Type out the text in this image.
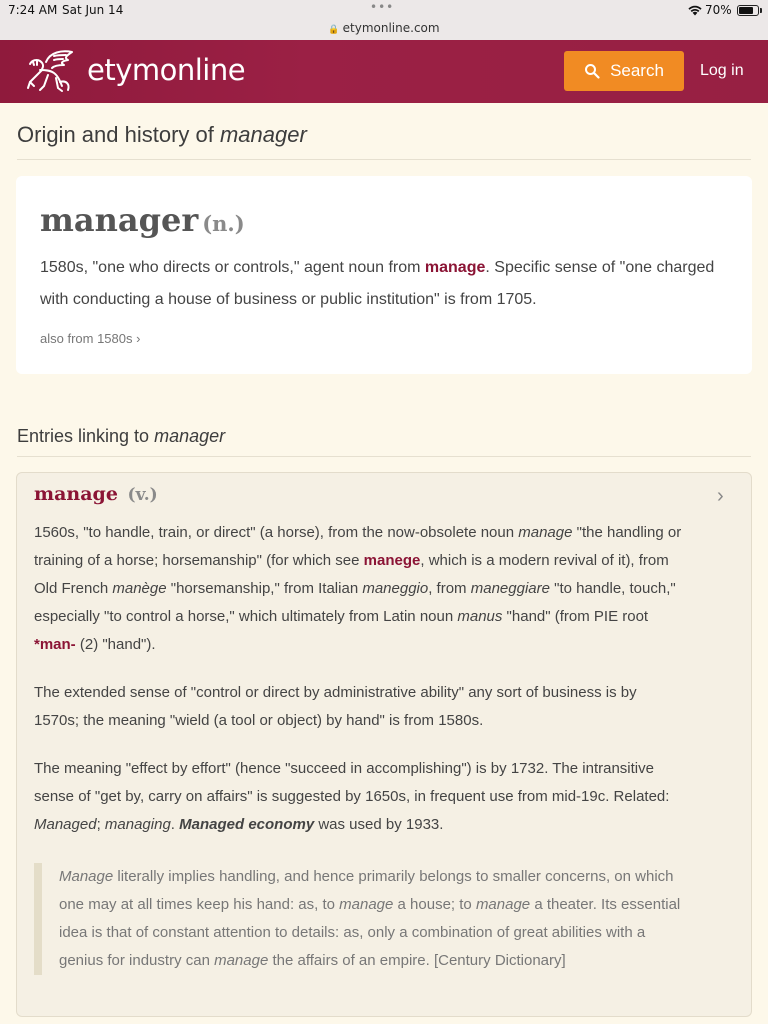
7:24 AM Sat Jun 14	•••
🔒 etymonline.com
70%
etymonline	Search Log in
Origin and history of manager
manager (n.)

1580s, "one who directs or controls," agent noun from manage. Specific sense of "one charged with conducting a house of business or public institution" is from 1705.

also from 1580s ›
Entries linking to manager
manage (v.)	›

1560s, "to handle, train, or direct" (a horse), from the now-obsolete noun manage "the handling or training of a horse; horsemanship" (for which see manege, which is a modern revival of it), from Old French manège "horsemanship," from Italian maneggio, from maneggiare "to handle, touch," especially "to control a horse," which ultimately from Latin noun manus "hand" (from PIE root *man- (2) "hand").

The extended sense of "control or direct by administrative ability" any sort of business is by 1570s; the meaning "wield (a tool or object) by hand" is from 1580s.

The meaning "effect by effort" (hence "succeed in accomplishing") is by 1732. The intransitive sense of "get by, carry on affairs" is suggested by 1650s, in frequent use from mid-19c. Related: Managed; managing. Managed economy was used by 1933.

Manage literally implies handling, and hence primarily belongs to smaller concerns, on which one may at all times keep his hand: as, to manage a house; to manage a theater. Its essential idea is that of constant attention to details: as, only a combination of great abilities with a genius for industry can manage the affairs of an empire. [Century Dictionary]
